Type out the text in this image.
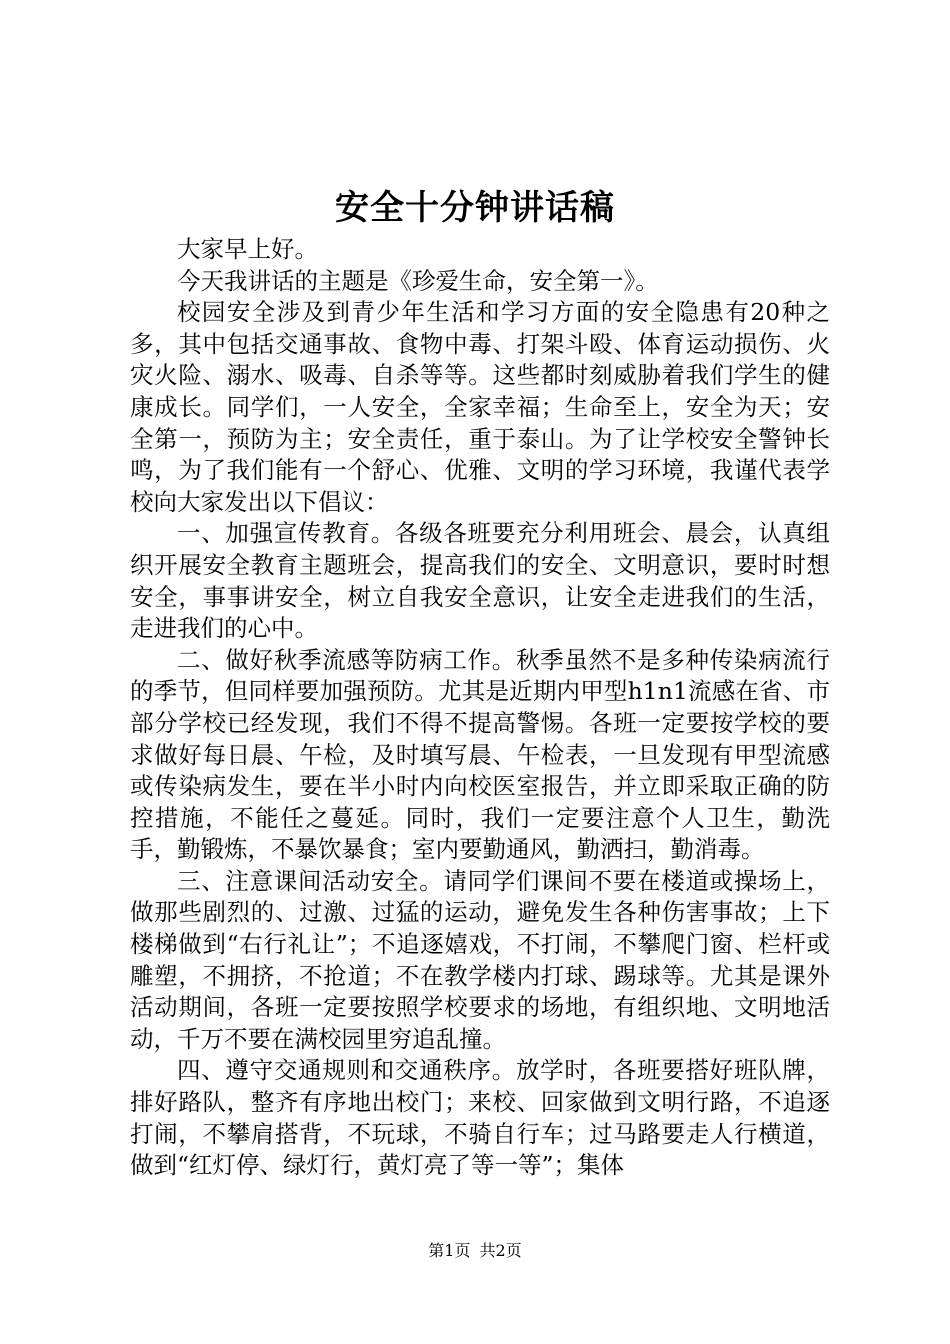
安全十分钟讲话稿

大家早上好。

今天我讲话的主题是《珍爱生命，安全第一》。

校园安全涉及到青少年生活和学习方面的安全隐患有20种之多，其中包括交通事故、食物中毒、打架斗殴、体育运动损伤、火灾火险、溺水、吸毒、自杀等等。这些都时刻威胁着我们学生的健康成长。同学们，一人安全，全家幸福；生命至上，安全为天；安全第一，预防为主；安全责任，重于泰山。为了让学校安全警钟长鸣，为了我们能有一个舒心、优雅、文明的学习环境，我谨代表学校向大家发出以下倡议：

一、加强宣传教育。各级各班要充分利用班会、晨会，认真组织开展安全教育主题班会，提高我们的安全、文明意识，要时时想安全，事事讲安全，树立自我安全意识，让安全走进我们的生活，走进我们的心中。

二、做好秋季流感等防病工作。秋季虽然不是多种传染病流行的季节，但同样要加强预防。尤其是近期内甲型h1n1流感在省、市部分学校已经发现，我们不得不提高警惕。各班一定要按学校的要求做好每日晨、午检，及时填写晨、午检表，一旦发现有甲型流感或传染病发生，要在半小时内向校医室报告，并立即采取正确的防控措施，不能任之蔓延。同时，我们一定要注意个人卫生，勤洗手，勤锻炼，不暴饮暴食；室内要勤通风，勤洒扫，勤消毒。

三、注意课间活动安全。请同学们课间不要在楼道或操场上，做那些剧烈的、过激、过猛的运动，避免发生各种伤害事故；上下楼梯做到“右行礼让”；不追逐嬉戏，不打闹，不攀爬门窗、栏杆或雕塑，不拥挤，不抢道；不在教学楼内打球、踢球等。尤其是课外活动期间，各班一定要按照学校要求的场地，有组织地、文明地活动，千万不要在满校园里穷追乱撞。

四、遵守交通规则和交通秩序。放学时，各班要搭好班队牌，排好路队，整齐有序地出校门；来校、回家做到文明行路，不追逐打闹，不攀肩搭背，不玩球，不骑自行车；过马路要走人行横道，做到“红灯停、绿灯行，黄灯亮了等一等”；集体

第1页 共2页
